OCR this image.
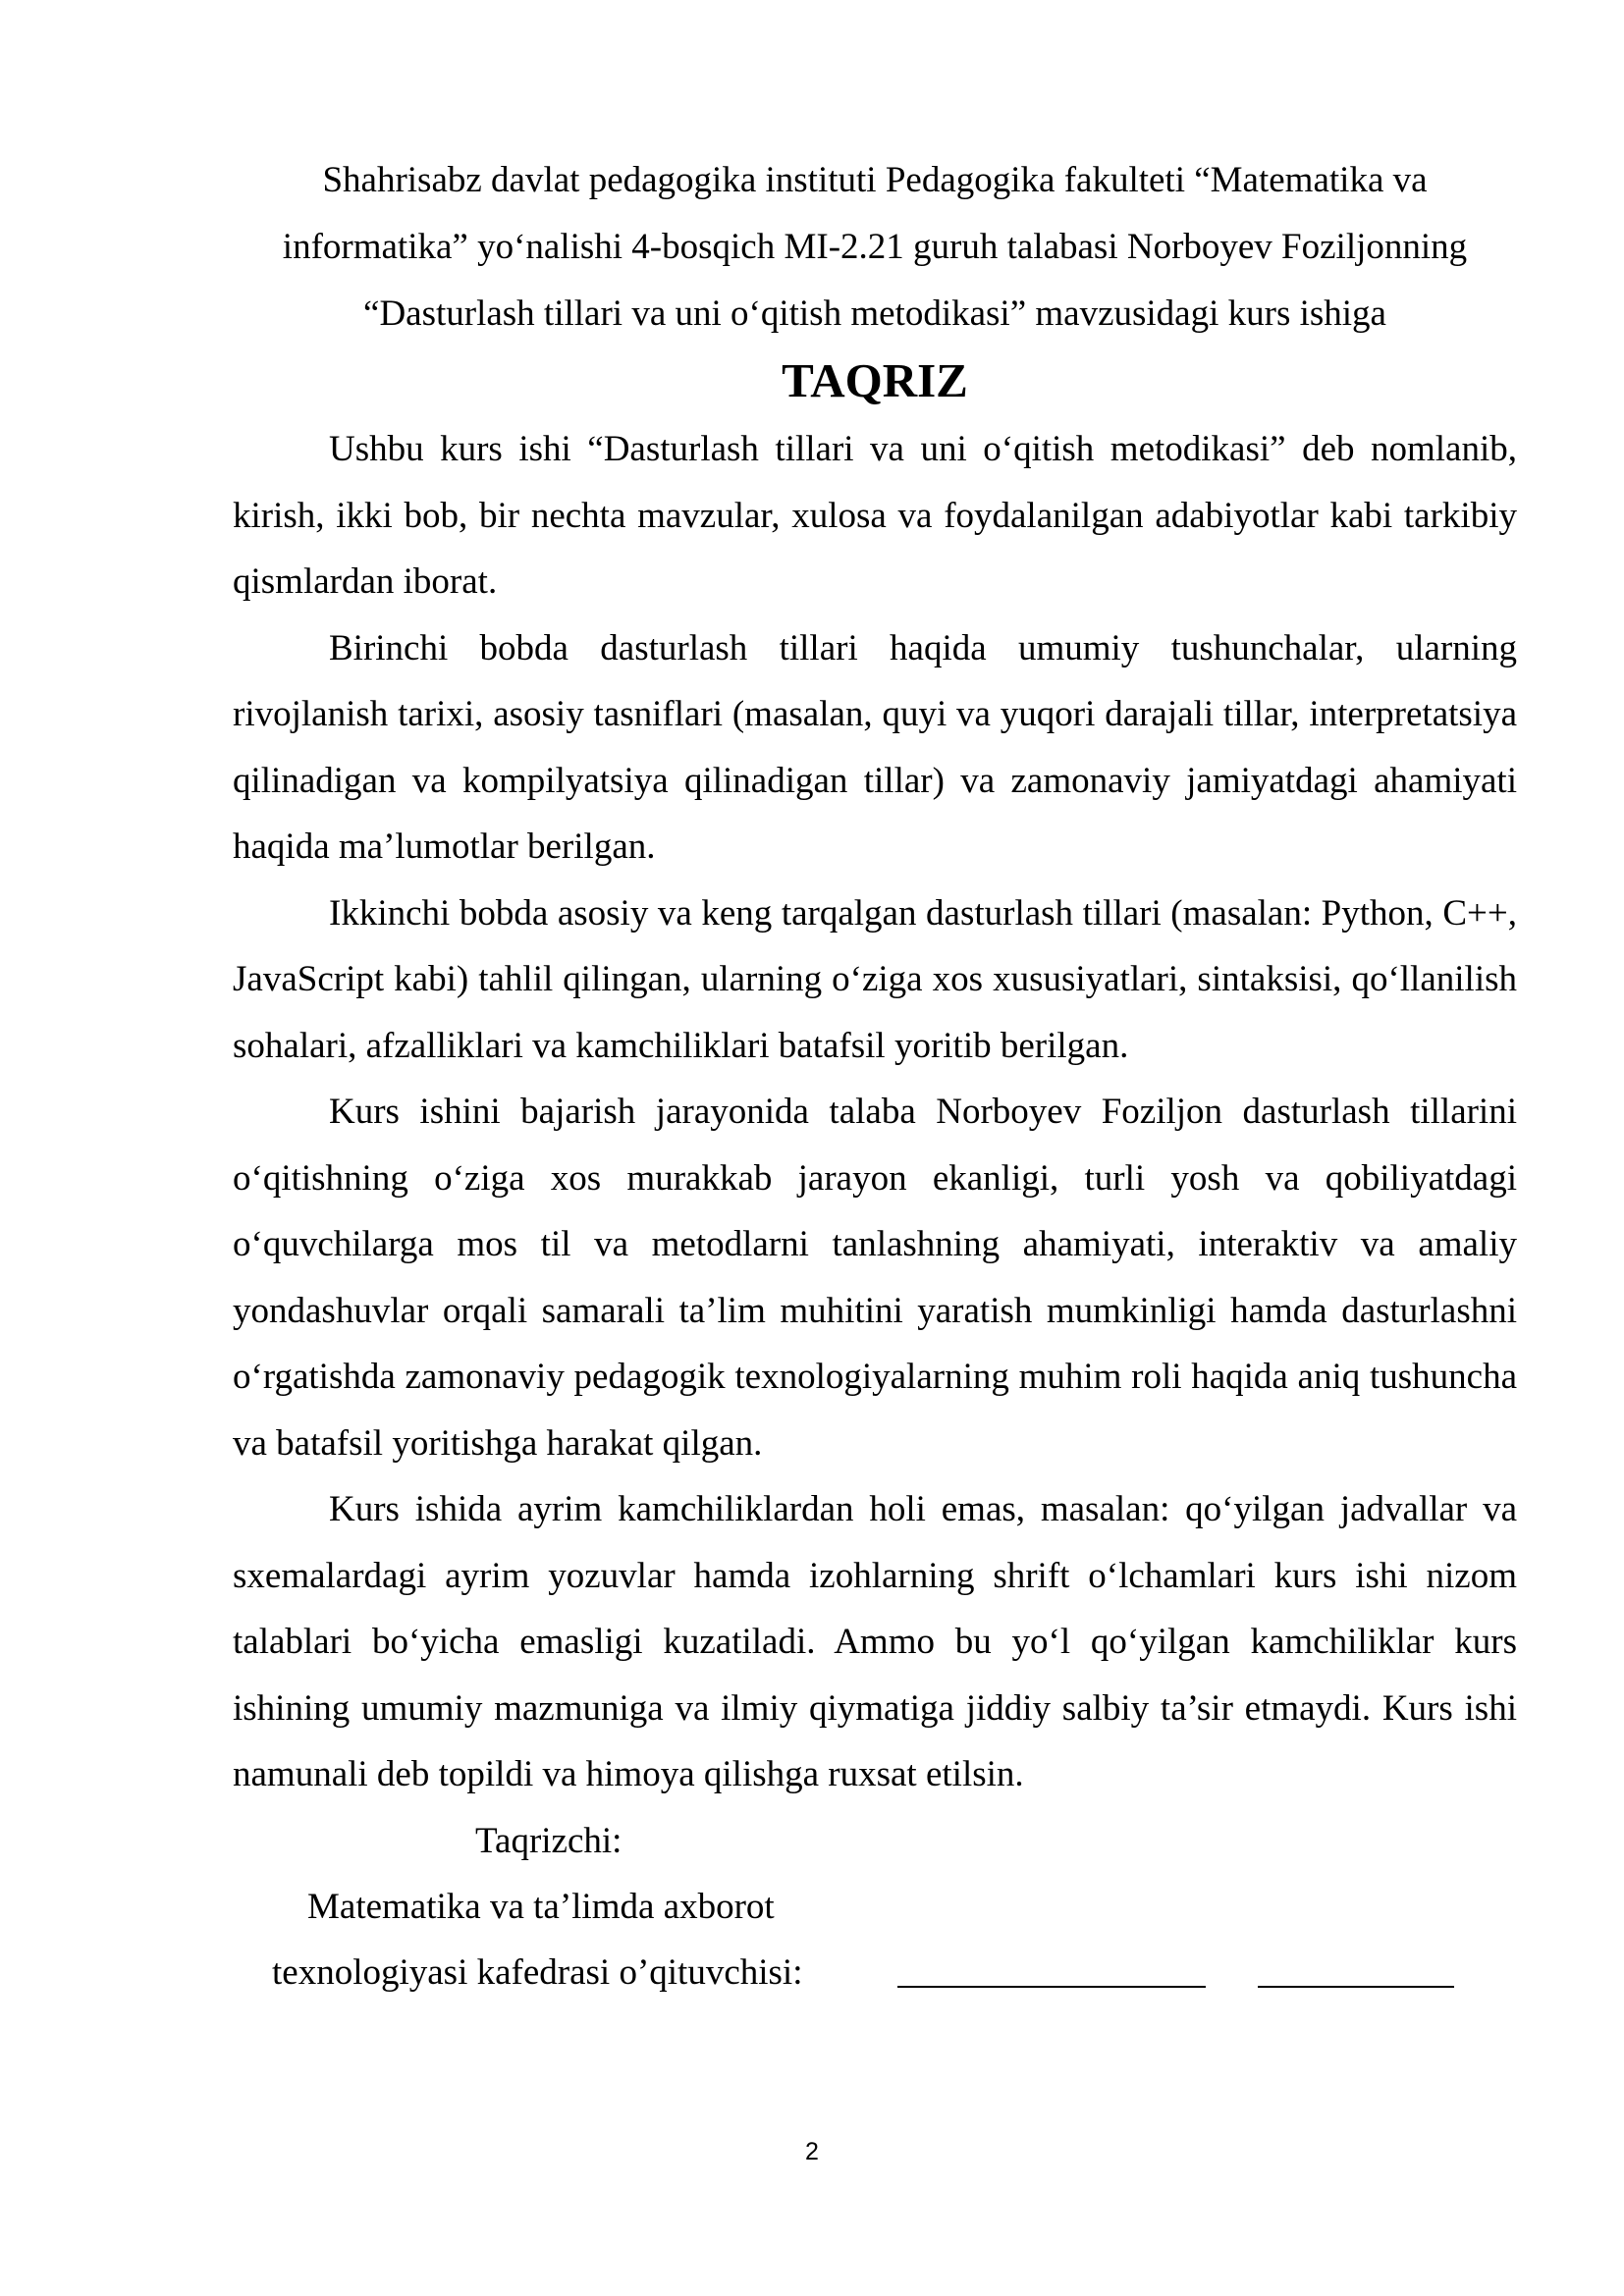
Shahrisabz davlat pedagogika instituti Pedagogika fakulteti “Matematika va
informatika” yo‘nalishi 4-bosqich MI-2.21 guruh talabasi Norboyev Foziljonning
“Dasturlash tillari va uni o‘qitish metodikasi” mavzusidagi kurs ishiga

TAQRIZ

Ushbu kurs ishi “Dasturlash tillari va uni o‘qitish metodikasi” deb nomlanib, kirish, ikki bob, bir nechta mavzular, xulosa va foydalanilgan adabiyotlar kabi tarkibiy qismlardan iborat.

Birinchi bobda dasturlash tillari haqida umumiy tushunchalar, ularning rivojlanish tarixi, asosiy tasniflari (masalan, quyi va yuqori darajali tillar, interpretatsiya qilinadigan va kompilyatsiya qilinadigan tillar) va zamonaviy jamiyatdagi ahamiyati haqida ma’lumotlar berilgan.

Ikkinchi bobda asosiy va keng tarqalgan dasturlash tillari (masalan: Python, C++, JavaScript kabi) tahlil qilingan, ularning o‘ziga xos xususiyatlari, sintaksisi, qo‘llanilish sohalari, afzalliklari va kamchiliklari batafsil yoritib berilgan.

Kurs ishini bajarish jarayonida talaba Norboyev Foziljon dasturlash tillarini o‘qitishning o‘ziga xos murakkab jarayon ekanligi, turli yosh va qobiliyatdagi o‘quvchilarga mos til va metodlarni tanlashning ahamiyati, interaktiv va amaliy yondashuvlar orqali samarali ta’lim muhitini yaratish mumkinligi hamda dasturlashni o‘rgatishda zamonaviy pedagogik texnologiyalarning muhim roli haqida aniq tushuncha va batafsil yoritishga harakat qilgan.

Kurs ishida ayrim kamchiliklardan holi emas, masalan: qo‘yilgan jadvallar va sxemalardagi ayrim yozuvlar hamda izohlarning shrift o‘lchamlari kurs ishi nizom talablari bo‘yicha emasligi kuzatiladi. Ammo bu yo‘l qo‘yilgan kamchiliklar kurs ishining umumiy mazmuniga va ilmiy qiymatiga jiddiy salbiy ta’sir etmaydi. Kurs ishi namunali deb topildi va himoya qilishga ruxsat etilsin.

Taqrizchi:
Matematika va ta’limda axborot
texnologiyasi kafedrasi o’qituvchisi:
2
